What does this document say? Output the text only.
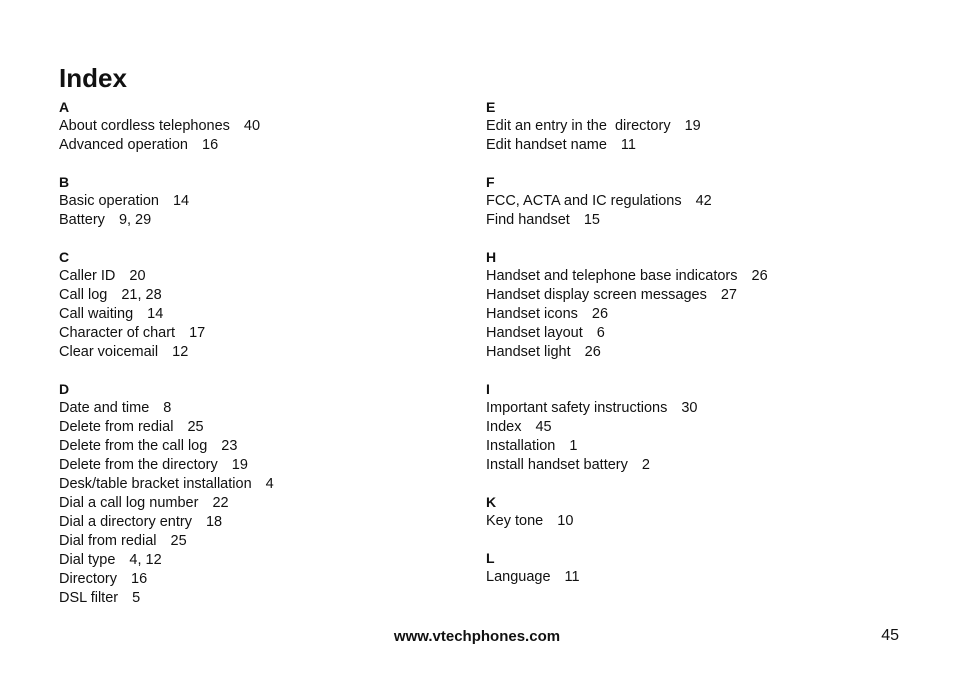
Index
A
About cordless telephones 40
Advanced operation 16
B
Basic operation 14
Battery 9, 29
C
Caller ID 20
Call log 21, 28
Call waiting 14
Character of chart 17
Clear voicemail 12
D
Date and time 8
Delete from redial 25
Delete from the call log 23
Delete from the directory 19
Desk/table bracket installation 4
Dial a call log number 22
Dial a directory entry 18
Dial from redial 25
Dial type 4, 12
Directory 16
DSL filter 5
E
Edit an entry in the  directory 19
Edit handset name 11
F
FCC, ACTA and IC regulations 42
Find handset 15
H
Handset and telephone base indicators 26
Handset display screen messages 27
Handset icons 26
Handset layout 6
Handset light 26
I
Important safety instructions 30
Index 45
Installation 1
Install handset battery 2
K
Key tone 10
L
Language 11
www.vtechphones.com	45
